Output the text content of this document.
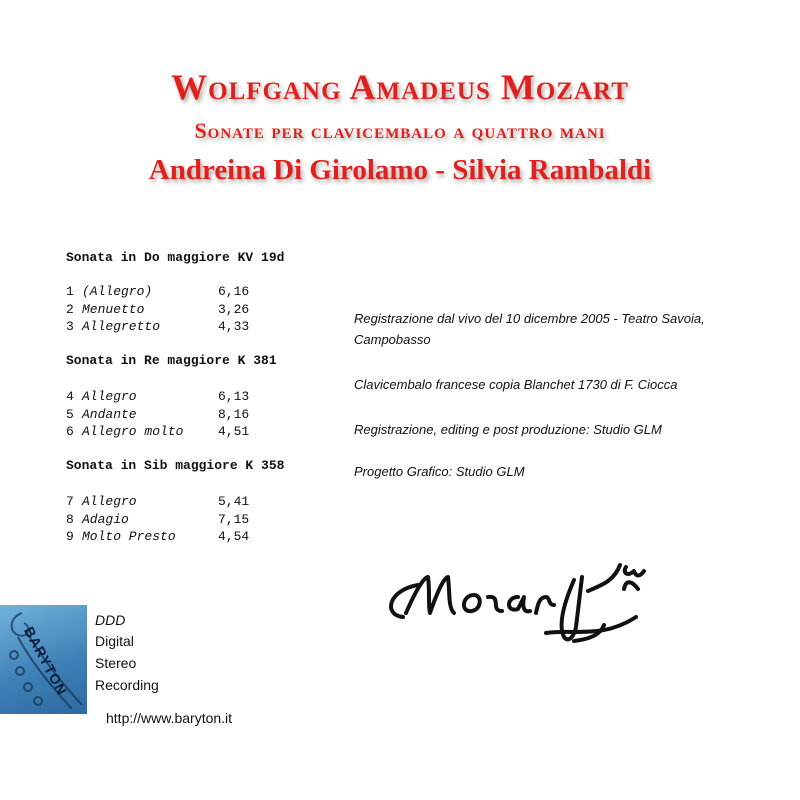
Wolfgang Amadeus Mozart
Sonate per clavicembalo a quattro mani
Andreina Di Girolamo - Silvia Rambaldi
Sonata in Do maggiore KV 19d
1 (Allegro)	6,16
2 Menuetto	3,26
3 Allegretto	4,33
Sonata in Re maggiore K 381
4 Allegro	6,13
5 Andante	8,16
6 Allegro molto	4,51
Sonata in Sib maggiore K 358
7 Allegro	5,41
8 Adagio	7,15
9 Molto Presto	4,54
Registrazione dal vivo del 10 dicembre 2005 - Teatro Savoia, Campobasso
Clavicembalo francese copia Blanchet 1730 di F. Ciocca
Registrazione, editing e post produzione: Studio GLM
Progetto Grafico: Studio GLM
BARYTON
DDD
Digital
Stereo
Recording
http://www.baryton.it
